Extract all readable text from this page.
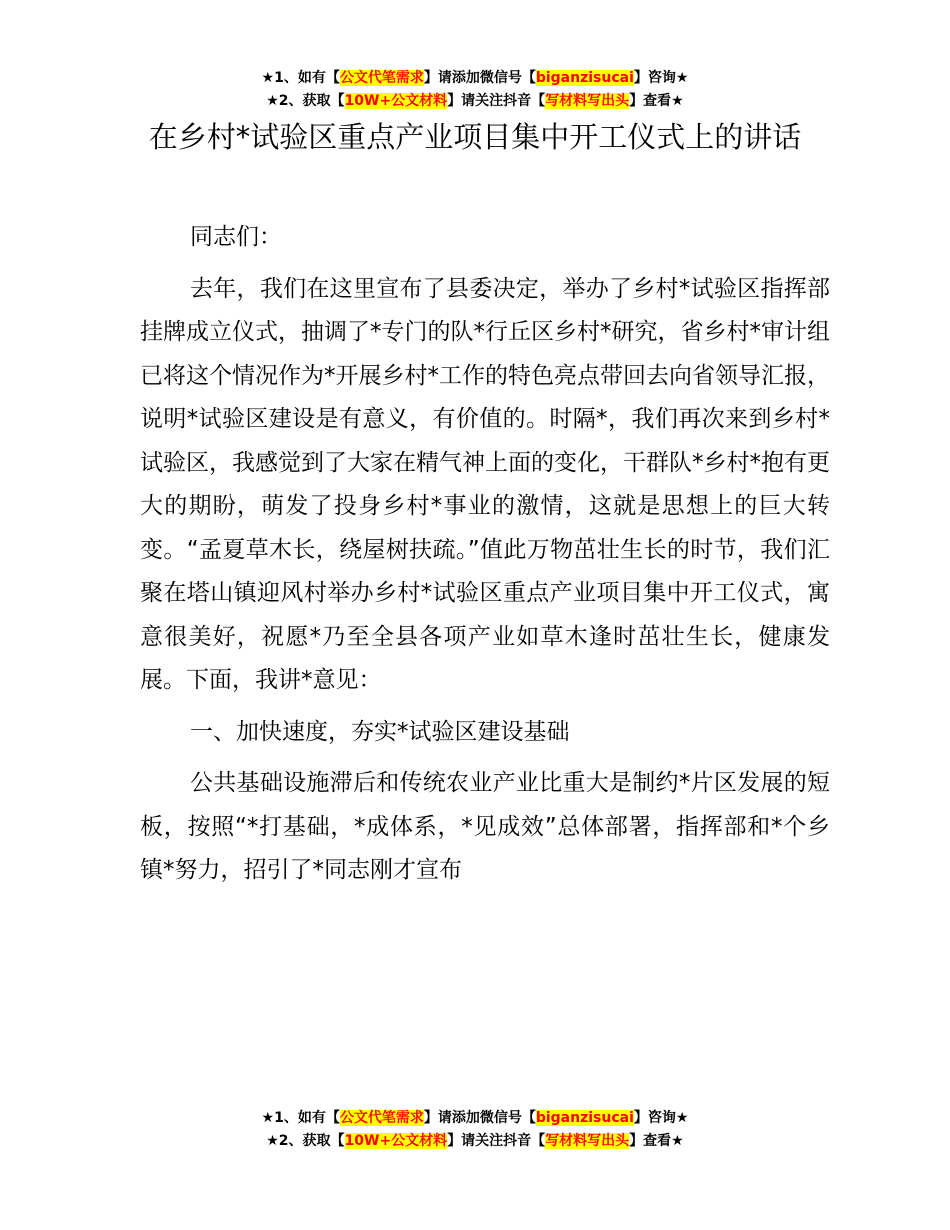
★1、如有【公文代笔需求】请添加微信号【biganzisucai】咨询★
★2、获取【10W+公文材料】请关注抖音【写材料写出头】查看★
在乡村*试验区重点产业项目集中开工仪式上的讲话

同志们：

去年，我们在这里宣布了县委决定，举办了乡村*试验区指挥部挂牌成立仪式，抽调了*专门的队*行丘区乡村*研究，省乡村*审计组已将这个情况作为*开展乡村*工作的特色亮点带回去向省领导汇报，说明*试验区建设是有意义，有价值的。时隔*，我们再次来到乡村*试验区，我感觉到了大家在精气神上面的变化，干群队*乡村*抱有更大的期盼，萌发了投身乡村*事业的激情，这就是思想上的巨大转变。“孟夏草木长，绕屋树扶疏。”值此万物茁壮生长的时节，我们汇聚在塔山镇迎风村举办乡村*试验区重点产业项目集中开工仪式，寓意很美好，祝愿*乃至全县各项产业如草木逢时茁壮生长，健康发展。下面，我讲*意见：

一、加快速度，夯实*试验区建设基础

公共基础设施滞后和传统农业产业比重大是制约*片区发展的短板，按照“*打基础，*成体系，*见成效”总体部署，指挥部和*个乡镇*努力，招引了*同志刚才宣布

★1、如有【公文代笔需求】请添加微信号【biganzisucai】咨询★
★2、获取【10W+公文材料】请关注抖音【写材料写出头】查看★
